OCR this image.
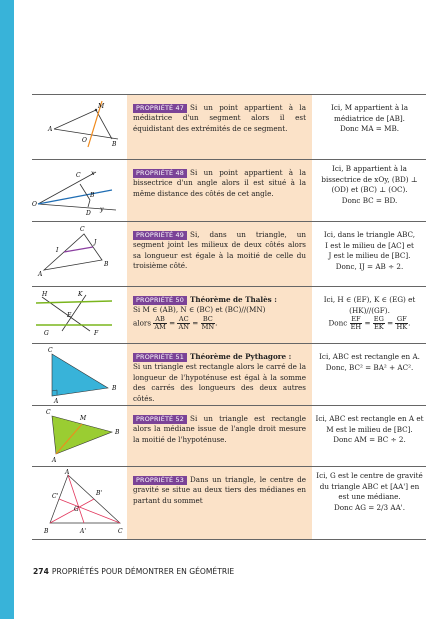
M
A
O
B
PROPRIÉTÉ 47 Si un point appartient à la médiatrice d'un segment alors il est équidistant des extrémités de ce segment.
Ici, M appartient à la médiatrice de [AB].
Donc MA = MB.
C x
B
O
D
y
PROPRIÉTÉ 48 Si un point appartient à la bissectrice d'un angle alors il est situé à la même distance des côtés de cet angle.
Ici, B appartient à la bissectrice de xOy, (BD) ⊥ (OD) et (BC) ⊥ (OC).
Donc BC = BD.
C
J
I
B
A
PROPRIÉTÉ 49 Si, dans un triangle, un segment joint les milieux de deux côtés alors sa longueur est égale à la moitié de celle du troisième côté.
Ici, dans le triangle ABC,
I est le milieu de [AC] et
J est le milieu de [BC].
Donc, IJ = AB ÷ 2.
H	K
E
G	F
PROPRIÉTÉ 50 Théorème de Thalès :
Si M ∈ (AB), N ∈ (BC) et (BC)//(MN)
alors $\frac{AB}{AM} = \frac{AC}{AN} = \frac{BC}{MN}$ .
Ici, H ∈ (EF), K ∈ (EG) et (HK)//(GF).
Donc $\frac{EF}{EH} = \frac{EG}{EK} = \frac{GF}{HK}$ .
C
B
A
PROPRIÉTÉ 51 Théorème de Pythagore :
Si un triangle est rectangle alors le carré de la longueur de l'hypoténuse est égal à la somme des carrés des longueurs des deux autres côtés.
Ici, ABC est rectangle en A.
Donc, BC² = BA² + AC².
C
M
B
A
PROPRIÉTÉ 52 Si un triangle est rectangle alors la médiane issue de l'angle droit mesure la moitié de l'hypoténuse.
Ici, ABC est rectangle en A et M est le milieu de [BC].
Donc AM = BC ÷ 2.
A
C'	B'
G
B	A'	C
PROPRIÉTÉ 53 Dans un triangle, le centre de gravité se situe au deux tiers des médianes en partant du sommet
Ici, G est le centre de gravité du triangle ABC et [AA'] en est une médiane.
Donc AG = 2/3 AA'.
274 PROPRIÉTÉS POUR DÉMONTRER EN GÉOMÉTRIE
